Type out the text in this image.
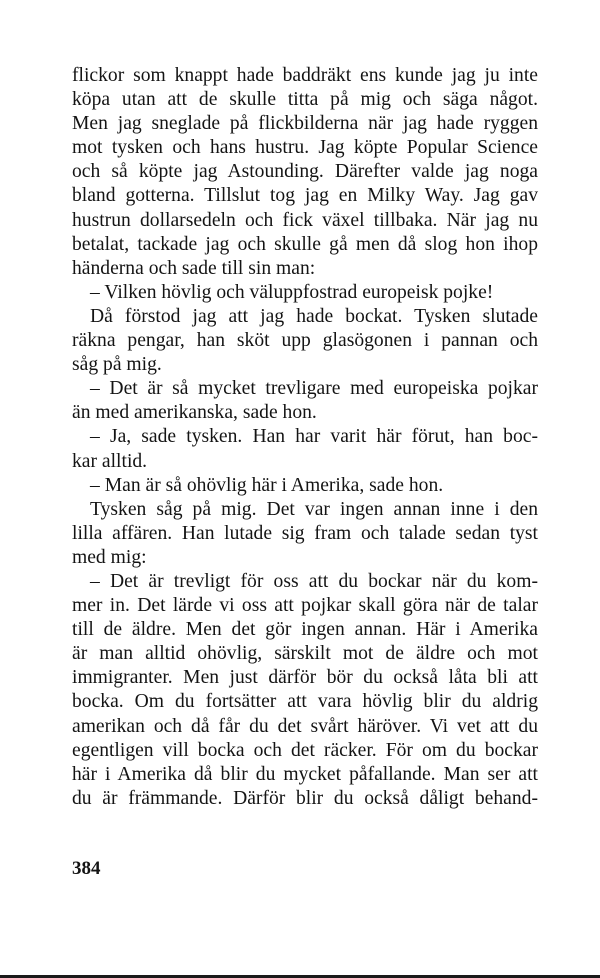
flickor som knappt hade baddräkt ens kunde jag ju inte
köpa utan att de skulle titta på mig och säga något.
Men jag sneglade på flickbilderna när jag hade ryggen
mot tysken och hans hustru. Jag köpte Popular Science
och så köpte jag Astounding. Därefter valde jag noga
bland gotterna. Tillslut tog jag en Milky Way. Jag gav
hustrun dollarsedeln och fick växel tillbaka. När jag nu
betalat, tackade jag och skulle gå men då slog hon ihop
händerna och sade till sin man:
– Vilken hövlig och väluppfostrad europeisk pojke!
Då förstod jag att jag hade bockat. Tysken slutade
räkna pengar, han sköt upp glasögonen i pannan och
såg på mig.
– Det är så mycket trevligare med europeiska pojkar
än med amerikanska, sade hon.
– Ja, sade tysken. Han har varit här förut, han boc-
kar alltid.
– Man är så ohövlig här i Amerika, sade hon.
Tysken såg på mig. Det var ingen annan inne i den
lilla affären. Han lutade sig fram och talade sedan tyst
med mig:
– Det är trevligt för oss att du bockar när du kom-
mer in. Det lärde vi oss att pojkar skall göra när de talar
till de äldre. Men det gör ingen annan. Här i Amerika
är man alltid ohövlig, särskilt mot de äldre och mot
immigranter. Men just därför bör du också låta bli att
bocka. Om du fortsätter att vara hövlig blir du aldrig
amerikan och då får du det svårt häröver. Vi vet att du
egentligen vill bocka och det räcker. För om du bockar
här i Amerika då blir du mycket påfallande. Man ser att
du är främmande. Därför blir du också dåligt behand-
384
